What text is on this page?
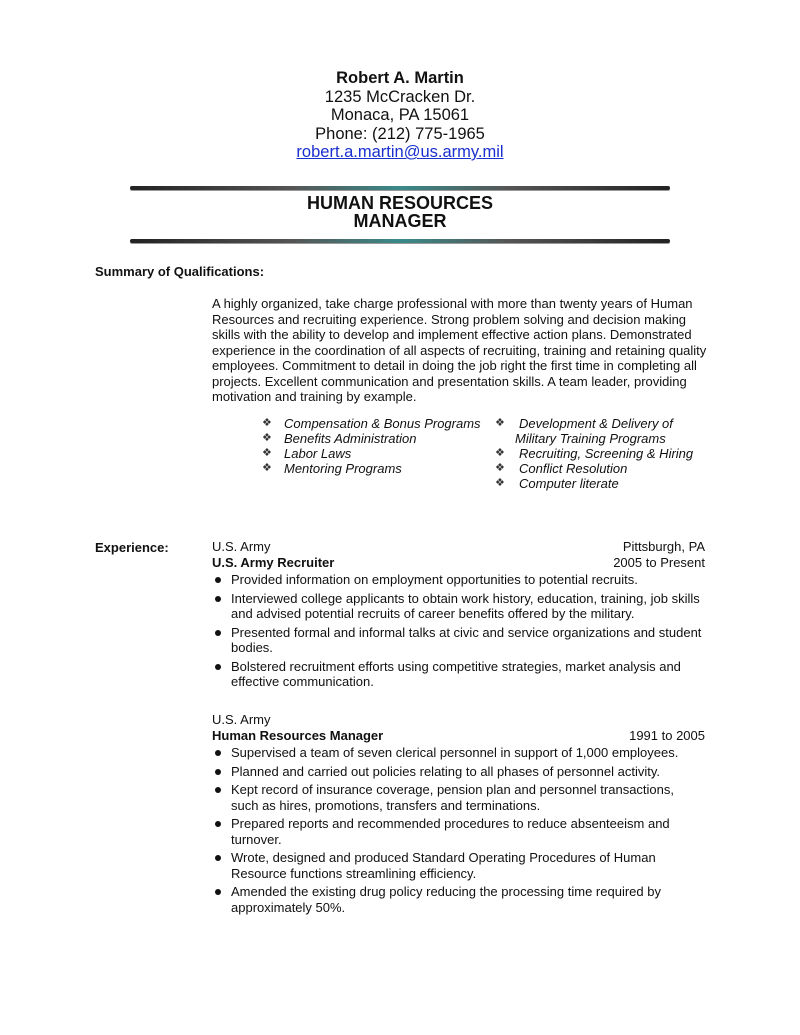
Robert A. Martin
1235 McCracken Dr.
Monaca, PA 15061
Phone: (212) 775-1965
robert.a.martin@us.army.mil
HUMAN RESOURCES
MANAGER
Summary of Qualifications:
A highly organized, take charge professional with more than twenty years of Human Resources and recruiting experience. Strong problem solving and decision making skills with the ability to develop and implement effective action plans. Demonstrated experience in the coordination of all aspects of recruiting, training and retaining quality employees. Commitment to detail in doing the job right the first time in completing all projects. Excellent communication and presentation skills. A team leader, providing motivation and training by example.
❖ Compensation & Bonus Programs
❖ Benefits Administration
❖ Labor Laws
❖ Mentoring Programs
❖ Development & Delivery of
Military Training Programs
❖ Recruiting, Screening & Hiring
❖ Conflict Resolution
❖ Computer literate
Experience:	U.S. Army	Pittsburgh, PA
U.S. Army Recruiter	2005 to Present
Provided information on employment opportunities to potential recruits.
Interviewed college applicants to obtain work history, education, training, job skills and advised potential recruits of career benefits offered by the military.
Presented formal and informal talks at civic and service organizations and student bodies.
Bolstered recruitment efforts using competitive strategies, market analysis and effective communication.
U.S. Army
Human Resources Manager	1991 to 2005
Supervised a team of seven clerical personnel in support of 1,000 employees.
Planned and carried out policies relating to all phases of personnel activity.
Kept record of insurance coverage, pension plan and personnel transactions, such as hires, promotions, transfers and terminations.
Prepared reports and recommended procedures to reduce absenteeism and turnover.
Wrote, designed and produced Standard Operating Procedures of Human Resource functions streamlining efficiency.
Amended the existing drug policy reducing the processing time required by approximately 50%.
